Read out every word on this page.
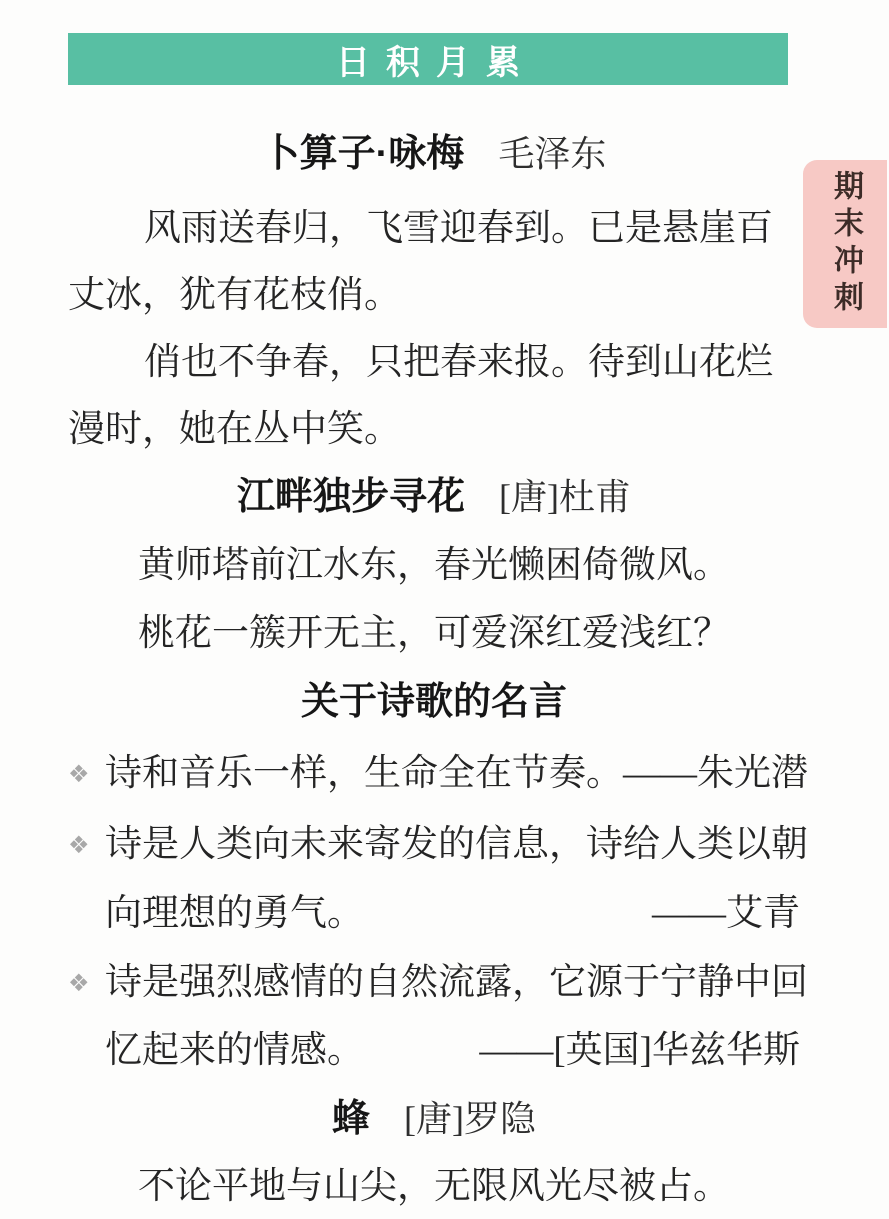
日积月累
期末冲刺
卜算子·咏梅 毛泽东
风雨送春归，飞雪迎春到。已是悬崖百
丈冰，犹有花枝俏。
俏也不争春，只把春来报。待到山花烂
漫时，她在丛中笑。
江畔独步寻花 [唐]杜甫
黄师塔前江水东，春光懒困倚微风。
桃花一簇开无主，可爱深红爱浅红？
关于诗歌的名言
❖ 诗和音乐一样，生命全在节奏。——朱光潜
❖ 诗是人类向未来寄发的信息，诗给人类以朝
向理想的勇气。	——艾青
❖ 诗是强烈感情的自然流露，它源于宁静中回
忆起来的情感。	——[英国]华兹华斯
蜂 [唐]罗隐
不论平地与山尖，无限风光尽被占。
